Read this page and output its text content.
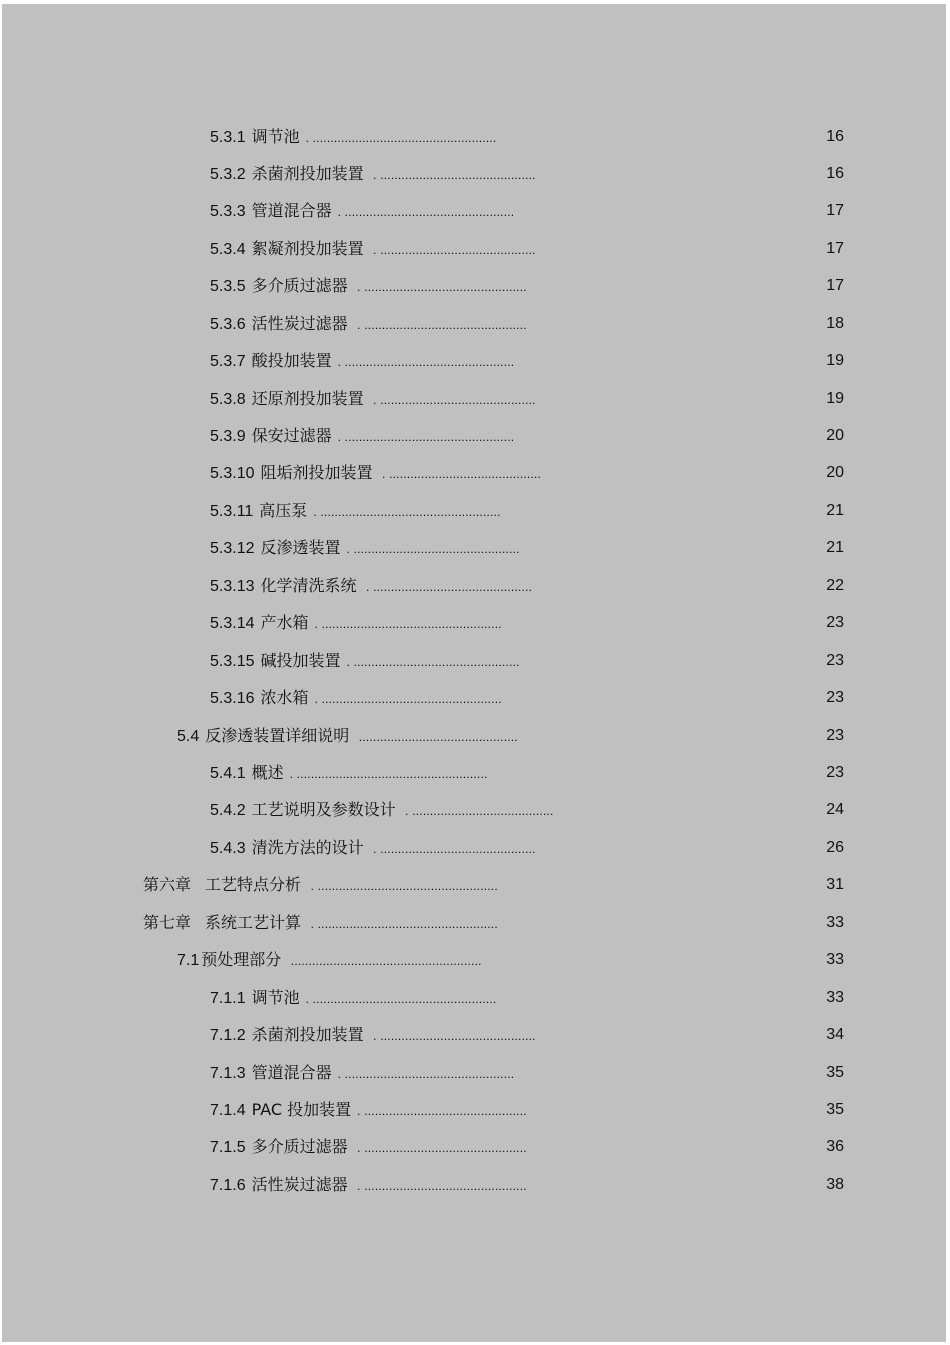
5.3.1 调节池 . ....................................................	16
5.3.2 杀菌剂投加装置 . ............................................	16
5.3.3 管道混合器 . ................................................	17
5.3.4 絮凝剂投加装置 . ............................................	17
5.3.5 多介质过滤器 . ..............................................	17
5.3.6 活性炭过滤器 . ..............................................	18
5.3.7 酸投加装置 . ................................................	19
5.3.8 还原剂投加装置 . ............................................	19
5.3.9 保安过滤器 . ................................................	20
5.3.10 阻垢剂投加装置 . ...........................................	20
5.3.11 高压泵 . ...................................................	21
5.3.12 反渗透装置 . ...............................................	21
5.3.13 化学清洗系统 . .............................................	22
5.3.14 产水箱 . ...................................................	23
5.3.15 碱投加装置 . ...............................................	23
5.3.16 浓水箱 . ...................................................	23
5.4 反渗透装置详细说明 .............................................	23
5.4.1 概述 . ......................................................	23
5.4.2 工艺说明及参数设计 . ........................................	24
5.4.3 清洗方法的设计 . ............................................	26
第六章 工艺特点分析 . ...................................................	31
第七章 系统工艺计算 . ...................................................	33
7.1 预处理部分 ......................................................	33
7.1.1 调节池 . ....................................................	33
7.1.2 杀菌剂投加装置 . ............................................	34
7.1.3 管道混合器 . ................................................	35
7.1.4 PAC 投加装置 . ..............................................	35
7.1.5 多介质过滤器 . ..............................................	36
7.1.6 活性炭过滤器 . ..............................................	38
